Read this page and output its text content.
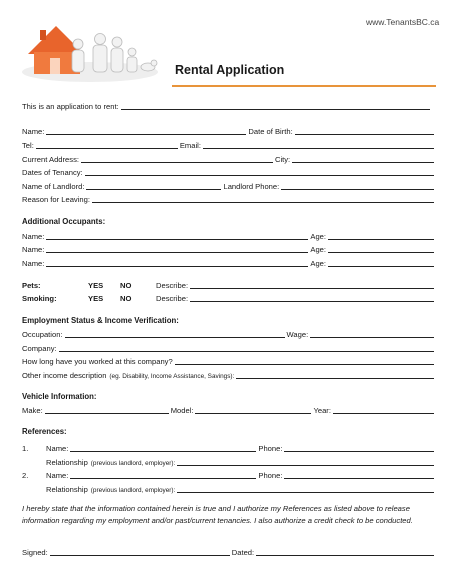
www.TenantsBC.ca
Rental Application
This is an application to rent:
Name:	Date of Birth:
Tel:	Email:
Current Address:	City:
Dates of Tenancy:
Name of Landlord:	Landlord Phone:
Reason for Leaving:
Additional Occupants:
Name:	Age:
Name:	Age:
Name:	Age:
Pets:	YES	NO	Describe:
Smoking:	YES	NO	Describe:
Employment Status & Income Verification:
Occupation:	Wage:
Company:
How long have you worked at this company?
Other income description (eg. Disability, Income Assistance, Savings):
Vehicle Information:
Make:	Model:	Year:
References:
1.	Name:	Phone:
Relationship (previous landlord, employer):
2.	Name:	Phone:
Relationship (previous landlord, employer):
I hereby state that the information contained herein is true and I authorize my References as listed above to release information regarding my employment and/or past/current tenancies. I also authorize a credit check to be conducted.
Signed:	Dated:
